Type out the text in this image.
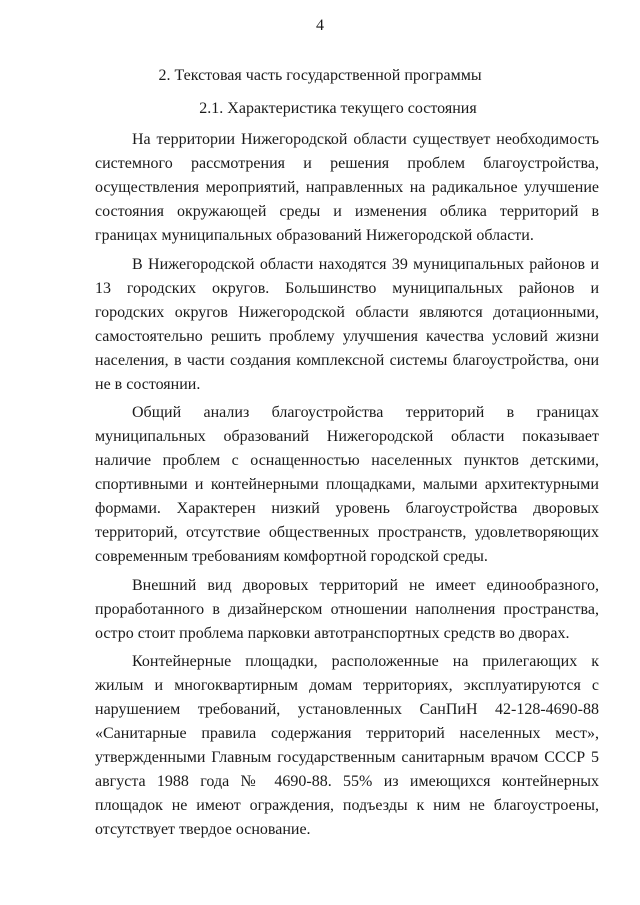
4
2. Текстовая часть государственной программы
2.1. Характеристика текущего состояния

На территории Нижегородской области существует необходимость системного рассмотрения и решения проблем благоустройства, осуществления мероприятий, направленных на радикальное улучшение состояния окружающей среды и изменения облика территорий в границах муниципальных образований Нижегородской области.

В Нижегородской области находятся 39 муниципальных районов и 13 городских округов. Большинство муниципальных районов и городских округов Нижегородской области являются дотационными, самостоятельно решить проблему улучшения качества условий жизни населения, в части создания комплексной системы благоустройства, они не в состоянии.

Общий анализ благоустройства территорий в границах муниципальных образований Нижегородской области показывает наличие проблем с оснащенностью населенных пунктов детскими, спортивными и контейнерными площадками, малыми архитектурными формами. Характерен низкий уровень благоустройства дворовых территорий, отсутствие общественных пространств, удовлетворяющих современным требованиям комфортной городской среды.

Внешний вид дворовых территорий не имеет единообразного, проработанного в дизайнерском отношении наполнения пространства, остро стоит проблема парковки автотранспортных средств во дворах.

Контейнерные площадки, расположенные на прилегающих к жилым и многоквартирным домам территориях, эксплуатируются с нарушением требований, установленных СанПиН 42-128-4690-88 «Санитарные правила содержания территорий населенных мест», утвержденными Главным государственным санитарным врачом СССР 5 августа 1988 года № 4690-88. 55% из имеющихся контейнерных площадок не имеют ограждения, подъезды к ним не благоустроены, отсутствует твердое основание.
